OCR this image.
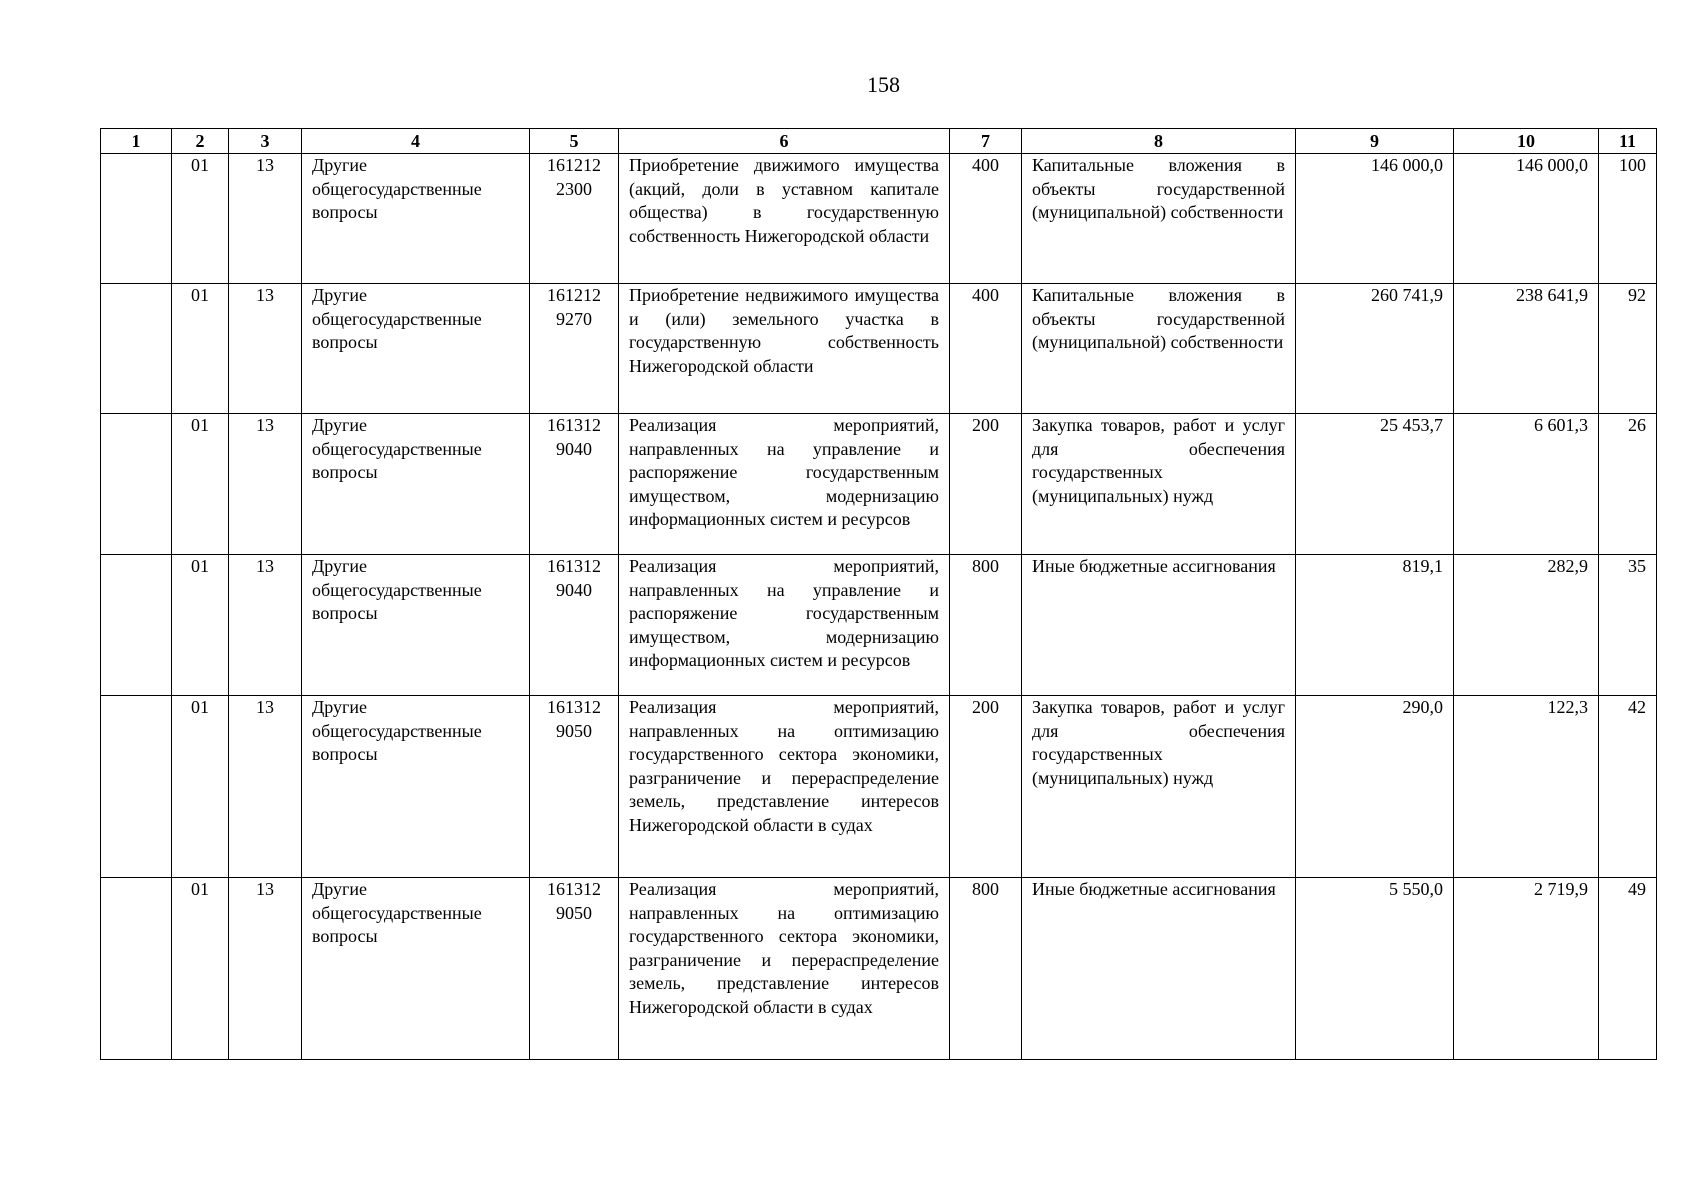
158
1	2	3	4	5	6	7	8	9	10	11
	01	13	Другие общегосударственные вопросы	161212 2300	Приобретение движимого имущества (акций, доли в уставном капитале общества) в государственную собственность Нижегородской области	400	Капитальные вложения в объекты государственной (муниципальной) собственности	146 000,0	146 000,0	100
	01	13	Другие общегосударственные вопросы	161212 9270	Приобретение недвижимого имущества и (или) земельного участка в государственную собственность Нижегородской области	400	Капитальные вложения в объекты государственной (муниципальной) собственности	260 741,9	238 641,9	92
	01	13	Другие общегосударственные вопросы	161312 9040	Реализация мероприятий, направленных на управление и распоряжение государственным имуществом, модернизацию информационных систем и ресурсов	200	Закупка товаров, работ и услуг для обеспечения государственных (муниципальных) нужд	25 453,7	6 601,3	26
	01	13	Другие общегосударственные вопросы	161312 9040	Реализация мероприятий, направленных на управление и распоряжение государственным имуществом, модернизацию информационных систем и ресурсов	800	Иные бюджетные ассигнования	819,1	282,9	35
	01	13	Другие общегосударственные вопросы	161312 9050	Реализация мероприятий, направленных на оптимизацию государственного сектора экономики, разграничение и перераспределение земель, представление интересов Нижегородской области в судах	200	Закупка товаров, работ и услуг для обеспечения государственных (муниципальных) нужд	290,0	122,3	42
	01	13	Другие общегосударственные вопросы	161312 9050	Реализация мероприятий, направленных на оптимизацию государственного сектора экономики, разграничение и перераспределение земель, представление интересов Нижегородской области в судах	800	Иные бюджетные ассигнования	5 550,0	2 719,9	49
